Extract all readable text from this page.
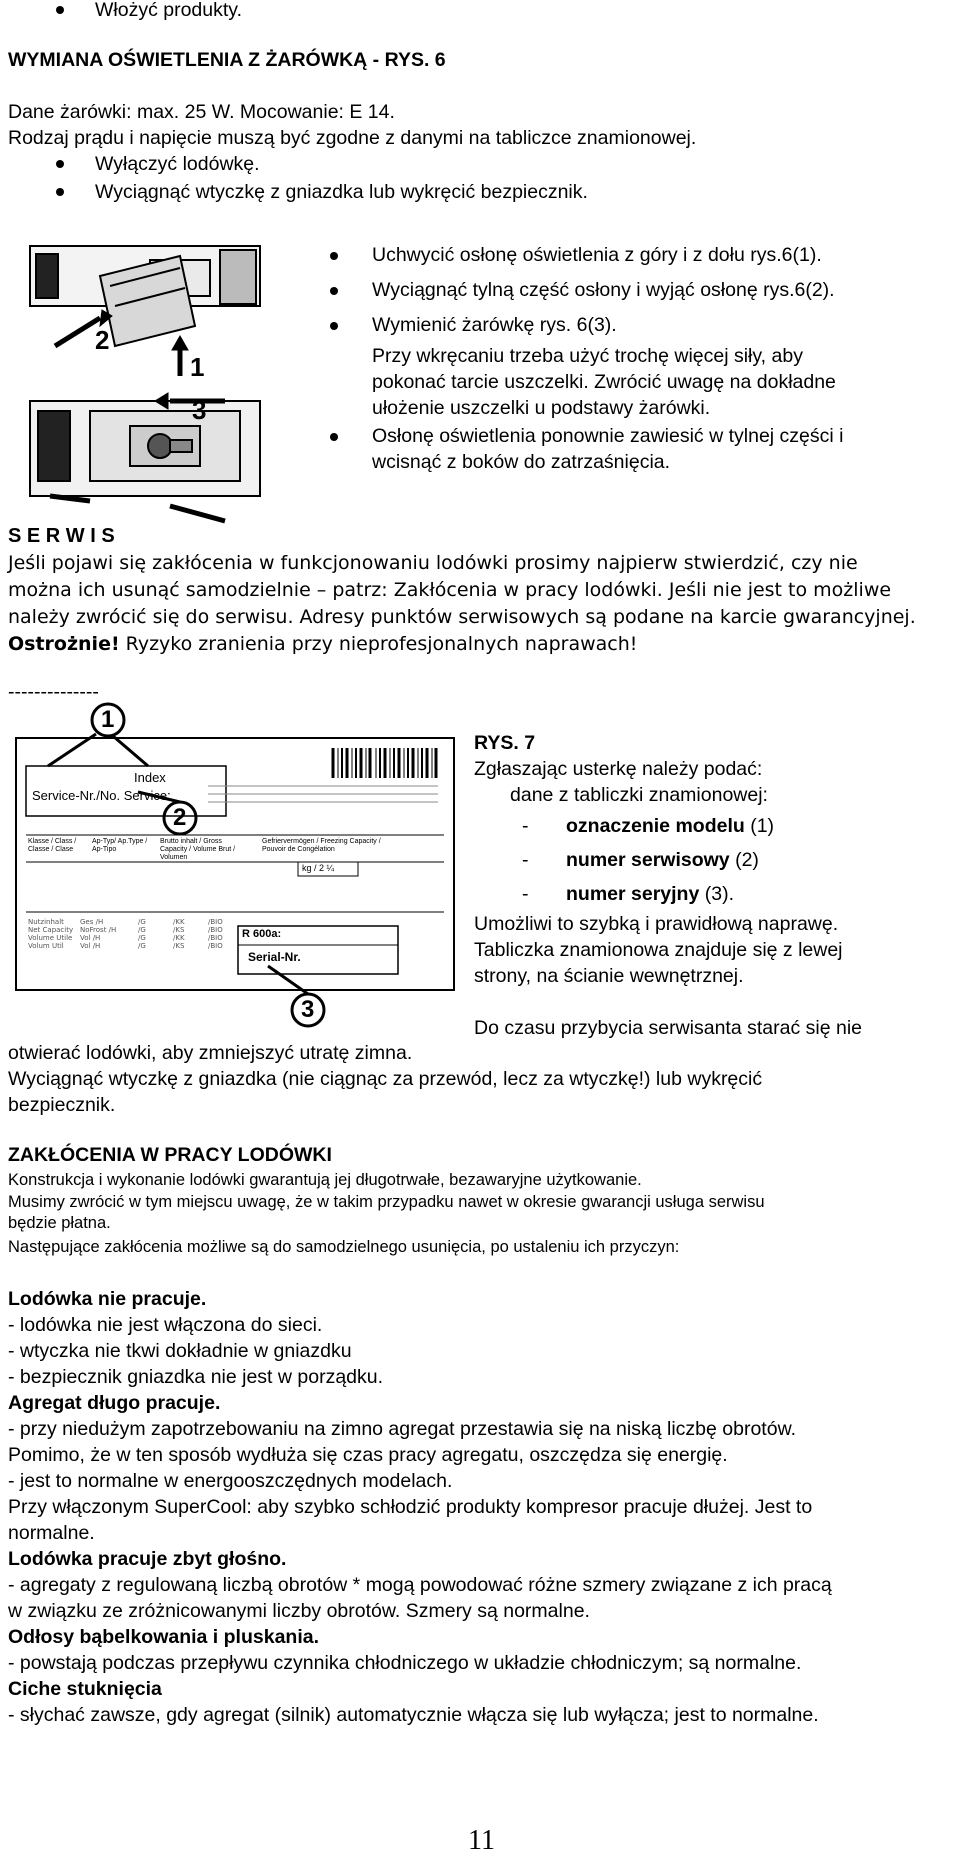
Włożyć produkty.
WYMIANA OŚWIETLENIA Z ŻARÓWKĄ - RYS. 6
Dane żarówki: max. 25 W. Mocowanie: E 14.
Rodzaj prądu i napięcie muszą być zgodne z danymi na tabliczce znamionowej.
Wyłączyć lodówkę.
Wyciągnąć wtyczkę z gniazdka lub wykręcić bezpiecznik.
2
1
3
Uchwycić osłonę oświetlenia z góry i z dołu rys.6(1).
Wyciągnąć tylną część osłony i wyjąć osłonę rys.6(2).
Wymienić żarówkę rys. 6(3).
Przy wkręcaniu trzeba użyć trochę więcej siły, aby
pokonać tarcie uszczelki. Zwrócić uwagę na dokładne
ułożenie uszczelki u podstawy żarówki.
Osłonę oświetlenia ponownie zawiesić w tylnej części i
wcisnąć z boków do zatrzaśnięcia.
S E R W I S
Jeśli pojawi się zakłócenia w funkcjonowaniu lodówki prosimy najpierw stwierdzić, czy nie
można ich usunąć samodzielnie – patrz: Zakłócenia w pracy lodówki. Jeśli nie jest to możliwe
należy zwrócić się do serwisu. Adresy punktów serwisowych są podane na karcie gwarancyjnej.
Ostrożnie! Ryzyko zranienia przy nieprofesjonalnych naprawach!
--------------
Nutzinhalt
Net Capacity
Volume Utile
Volum Util
Ges /H
NoFrost /H
Vol /H
Vol /H
/G
/G
/G
/G
/KK
/KS
/KK
/KS
/BIO
/BIO
/BIO
/BIO
1
2
3
Index
Service-Nr./No. Service:
Klasse / Class / Classe / Clase
Ap-Typ/ Ap.Type / Ap-Tipo
Brutto inhalt / Gross Capacity / Volume Brut / Volumen
Gefriervermögen / Freezing Capacity / Pouvoir de Congélation
kg / 2 ¼
R 600a:
Serial-Nr.
RYS. 7
Zgłaszając usterkę należy podać:
dane z tabliczki znamionowej:
- oznaczenie modelu (1)
- numer serwisowy (2)
- numer seryjny (3).
Umożliwi to szybką i prawidłową naprawę.
Tabliczka znamionowa znajduje się z lewej
strony, na ścianie wewnętrznej.
Do czasu przybycia serwisanta starać się nie
otwierać lodówki, aby zmniejszyć utratę zimna.
Wyciągnąć wtyczkę z gniazdka (nie ciągnąc za przewód, lecz za wtyczkę!) lub wykręcić
bezpiecznik.
ZAKŁÓCENIA W PRACY LODÓWKI
Konstrukcja i wykonanie lodówki gwarantują jej długotrwałe, bezawaryjne użytkowanie.
Musimy zwrócić w tym miejscu uwagę, że w takim przypadku nawet w okresie gwarancji usługa serwisu
będzie płatna.
Następujące zakłócenia możliwe są do samodzielnego usunięcia, po ustaleniu ich przyczyn:
Lodówka nie pracuje.
- lodówka nie jest włączona do sieci.
- wtyczka nie tkwi dokładnie w gniazdku
- bezpiecznik gniazdka nie jest w porządku.
Agregat długo pracuje.
- przy niedużym zapotrzebowaniu na zimno agregat przestawia się na niską liczbę obrotów.
Pomimo, że w ten sposób wydłuża się czas pracy agregatu, oszczędza się energię.
- jest to normalne w energooszczędnych modelach.
Przy włączonym SuperCool: aby szybko schłodzić produkty kompresor pracuje dłużej. Jest to
normalne.
Lodówka pracuje zbyt głośno.
- agregaty z regulowaną liczbą obrotów * mogą powodować różne szmery związane z ich pracą
w związku ze zróżnicowanymi liczby obrotów. Szmery są normalne.
Odłosy bąbelkowania i pluskania.
- powstają podczas przepływu czynnika chłodniczego w układzie chłodniczym; są normalne.
Ciche stuknięcia
- słychać zawsze, gdy agregat (silnik) automatycznie włącza się lub wyłącza; jest to normalne.
11
